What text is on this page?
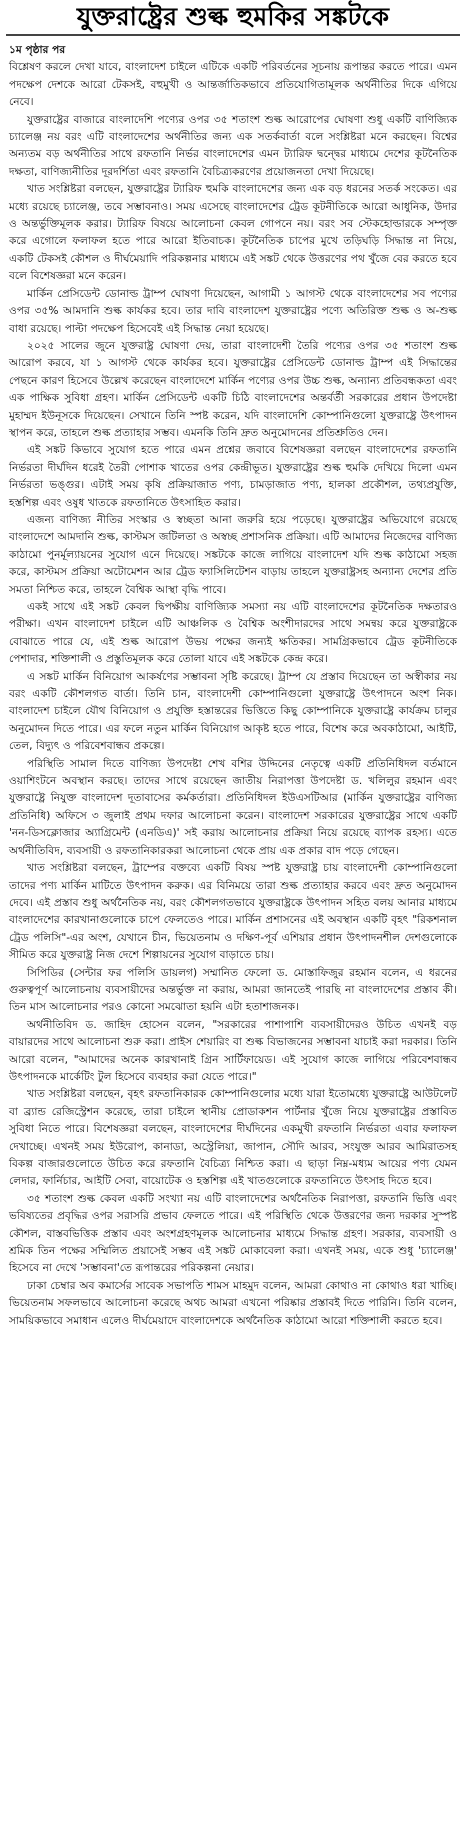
যুক্তরাষ্ট্রের শুল্ক হুমকির সঙ্কটকে

১ম পৃষ্ঠার পর

বিশ্লেষণ করলে দেখা যাবে, বাংলাদেশ চাইলে এটিকে একটি পরিবর্তনের সূচনায় রূপান্তর করতে পারে। এমন পদক্ষেপ দেশকে আরো টেকসই, বহুমুখী ও আন্তর্জাতিকভাবে প্রতিযোগিতামূলক অর্থনীতির দিকে এগিয়ে নেবে।

যুক্তরাষ্ট্রের বাজারে বাংলাদেশি পণ্যের ওপর ৩৫ শতাংশ শুল্ক আরোপের ঘোষণা শুধু একটি বাণিজ্যিক চ্যালেঞ্জ নয় বরং এটি বাংলাদেশের অর্থনীতির জন্য এক সতর্কবার্তা বলে সংশ্লিষ্টরা মনে করছেন। বিশ্বের অন্যতম বড় অর্থনীতির সাথে রফতানি নির্ভর বাংলাদেশের এমন ট্যারিফ দ্বন্দ্বের মাধ্যমে দেশের কূটনৈতিক দক্ষতা, বাণিজ্যনীতির দূরদর্শিতা এবং রফতানি বৈচিত্র্যকরণের প্রয়োজনতা দেখা দিয়েছে।

খাত সংশ্লিষ্টরা বলছেন, যুক্তরাষ্ট্রের ট্যারিফ হুমকি বাংলাদেশের জন্য এক বড় ধরনের সতর্ক সংকেত। এর মধ্যে রয়েছে চ্যালেঞ্জ, তবে সম্ভাবনাও। সময় এসেছে বাংলাদেশের ট্রেড কূটনীতিকে আরো আধুনিক, উদার ও অন্তর্ভুক্তিমূলক করার। ট্যারিফ বিষয়ে আলোচনা কেবল গোপনে নয়। বরং সব স্টেকহোল্ডারকে সম্পৃক্ত করে এগোলে ফলাফল হতে পারে আরো ইতিবাচক। কূটনৈতিক চাপের মুখে তড়িঘড়ি সিদ্ধান্ত না নিয়ে, একটি টেকসই কৌশল ও দীর্ঘমেয়াদি পরিকল্পনার মাধ্যমে এই সঙ্কট থেকে উত্তরণের পথ খুঁজে বের করতে হবে বলে বিশেষজ্ঞরা মনে করেন।

মার্কিন প্রেসিডেন্ট ডোনাল্ড ট্রাম্প ঘোষণা দিয়েছেন, আগামী ১ আগস্ট থেকে বাংলাদেশের সব পণ্যের ওপর ৩৫% আমদানি শুল্ক কার্যকর হবে। তার দাবি বাংলাদেশ যুক্তরাষ্ট্রের পণ্যে অতিরিক্ত শুল্ক ও অ-শুল্ক বাধা রয়েছে। পাল্টা পদক্ষেপ হিসেবেই এই সিদ্ধান্ত নেয়া হয়েছে।

২০২৫ সালের জুনে যুক্তরাষ্ট্র ঘোষণা দেয়, তারা বাংলাদেশী তৈরি পণ্যের ওপর ৩৫ শতাংশ শুল্ক আরোপ করবে, যা ১ আগস্ট থেকে কার্যকর হবে। যুক্তরাষ্ট্রের প্রেসিডেন্ট ডোনাল্ড ট্রাম্প এই সিদ্ধান্তের পেছনে কারণ হিসেবে উল্লেখ করেছেন বাংলাদেশে মার্কিন পণ্যের ওপর উচ্চ শুল্ক, অন্যান্য প্রতিবন্ধকতা এবং এক পাক্ষিক সুবিধা গ্রহণ। মার্কিন প্রেসিডেন্ট একটি চিঠি বাংলাদেশের অন্তর্বর্তী সরকারের প্রধান উপদেষ্টা মুহাম্মদ ইউনূসকে দিয়েছেন। সেখানে তিনি স্পষ্ট করেন, যদি বাংলাদেশি কোম্পানিগুলো যুক্তরাষ্ট্রে উৎপাদন স্থাপন করে, তাহলে শুল্ক প্রত্যাহার সম্ভব। এমনকি তিনি দ্রুত অনুমোদনের প্রতিশ্রুতিও দেন।

এই সঙ্কট কিভাবে সুযোগ হতে পারে এমন প্রশ্নের জবাবে বিশেষজ্ঞরা বলছেন বাংলাদেশের রফতানি নির্ভরতা দীর্ঘদিন ধরেই তৈরী পোশাক খাতের ওপর কেন্দ্রীভূত। যুক্তরাষ্ট্রের শুল্ক হুমকি দেখিয়ে দিলো এমন নির্ভরতা ভঙ্গুর। এটাই সময় কৃষি প্রক্রিয়াজাত পণ্য, চামড়াজাত পণ্য, হালকা প্রকৌশল, তথ্যপ্রযুক্তি, হস্তশিল্প এবং ওষুধ খাতকে রফতানিতে উৎসাহিত করার।

এজন্য বাণিজ্য নীতির সংস্কার ও স্বচ্ছতা আনা জরুরি হয়ে পড়েছে। যুক্তরাষ্ট্রের অভিযোগে রয়েছে বাংলাদেশে আমদানি শুল্ক, কাস্টমস জটিলতা ও অস্বচ্ছ প্রশাসনিক প্রক্রিয়া। এটি আমাদের নিজেদের বাণিজ্য কাঠামো পুনর্মূল্যায়নের সুযোগ এনে দিয়েছে। সঙ্কটকে কাজে লাগিয়ে বাংলাদেশ যদি শুল্ক কাঠামো সহজ করে, কাস্টমস প্রক্রিয়া অটোমেশন আর ট্রেড ফ্যাসিলিটেশন বাড়ায় তাহলে যুক্তরাষ্ট্রসহ অন্যান্য দেশের প্রতি সমতা নিশ্চিত করে, তাহলে বৈশ্বিক আস্থা বৃদ্ধি পাবে।

একই সাথে এই সঙ্কট কেবল দ্বিপক্ষীয় বাণিজ্যিক সমস্যা নয় এটি বাংলাদেশের কূটনৈতিক দক্ষতারও পরীক্ষা। এখন বাংলাদেশ চাইলে এটি আঞ্চলিক ও বৈশ্বিক অংশীদারদের সাথে সমন্বয় করে যুক্তরাষ্ট্রকে বোঝাতে পারে যে, এই শুল্ক আরোপ উভয় পক্ষের জন্যই ক্ষতিকর। সামগ্রিকভাবে ট্রেড কূটনীতিকে পেশাদার, শক্তিশালী ও প্রস্তুতিমূলক করে তোলা যাবে এই সঙ্কটকে কেন্দ্র করে।

এ সঙ্কট মার্কিন বিনিয়োগ আকর্ষণের সম্ভাবনা সৃষ্টি করেছে। ট্রাম্প যে প্রস্তাব দিয়েছেন তা অস্বীকার নয় বরং একটি কৌশলগত বার্তা। তিনি চান, বাংলাদেশী কোম্পানিগুলো যুক্তরাষ্ট্রে উৎপাদনে অংশ নিক। বাংলাদেশ চাইলে যৌথ বিনিয়োগ ও প্রযুক্তি হস্তান্তরের ভিত্তিতে কিছু কোম্পানিকে যুক্তরাষ্ট্রে কার্যক্রম চালুর অনুমোদন দিতে পারে। এর ফলে নতুন মার্কিন বিনিয়োগ আকৃষ্ট হতে পারে, বিশেষ করে অবকাঠামো, আইটি, তেল, বিদ্যুৎ ও পরিবেশবান্ধব প্রকল্পে।

পরিস্থিতি সামাল দিতে বাণিজ্য উপদেষ্টা শেখ বশির উদ্দিনের নেতৃত্বে একটি প্রতিনিধিদল বর্তমানে ওয়াশিংটনে অবস্থান করছে। তাদের সাথে রয়েছেন জাতীয় নিরাপত্তা উপদেষ্টা ড. খলিলুর রহমান এবং যুক্তরাষ্ট্রে নিযুক্ত বাংলাদেশ দূতাবাসের কর্মকর্তারা। প্রতিনিধিদল ইউএসটিআর (মার্কিন যুক্তরাষ্ট্রের বাণিজ্য প্রতিনিধি) অফিসে ৩ জুলাই প্রথম দফার আলোচনা করেন। বাংলাদেশ সরকারের যুক্তরাষ্ট্রের সাথে একটি 'নন-ডিসক্লোজার অ্যাগ্রিমেন্ট (এনডিএ)' সই করায় আলোচনার প্রক্রিয়া নিয়ে রয়েছে ব্যাপক রহস্য। এতে অর্থনীতিবিদ, ব্যবসায়ী ও রফতানিকারকরা আলোচনা থেকে প্রায় এক প্রকার বাদ পড়ে গেছেন।

খাত সংশ্লিষ্টরা বলছেন, ট্রাম্পের বক্তব্যে একটি বিষয় স্পষ্ট যুক্তরাষ্ট্র চায় বাংলাদেশী কোম্পানিগুলো তাদের পণ্য মার্কিন মাটিতে উৎপাদন করুক। এর বিনিময়ে তারা শুল্ক প্রত্যাহার করবে এবং দ্রুত অনুমোদন দেবে। এই প্রস্তাব শুধু অর্থনৈতিক নয়, বরং কৌশলগতভাবে যুক্তরাষ্ট্রকে উৎপাদন সহিত বলয় আনার মাধ্যমে বাংলাদেশের কারখানাগুলোকে চাপে ফেলতেও পারে। মার্কিন প্রশাসনের এই অবস্থান একটি বৃহৎ "রিকশনাল ট্রেড পলিসি"-এর অংশ, যেখানে চীন, ভিয়েতনাম ও দক্ষিণ-পূর্ব এশিয়ার প্রধান উৎপাদনশীল দেশগুলোকে সীমিত করে যুক্তরাষ্ট্র নিজ দেশে শিল্পায়নের সুযোগ বাড়াতে চায়।

সিপিডির (সেন্টার ফর পলিসি ডায়লগ) সম্মানিত ফেলো ড. মোস্তাফিজুর রহমান বলেন, এ ধরনের গুরুত্বপূর্ণ আলোচনায় ব্যবসায়ীদের অন্তর্ভুক্ত না করায়, আমরা জানতেই পারছি না বাংলাদেশের প্রস্তাব কী। তিন মাস আলোচনার পরও কোনো সমঝোতা হয়নি এটা হতাশাজনক।

অর্থনীতিবিদ ড. জাহিদ হোসেন বলেন, "সরকারের পাশাপাশি ব্যবসায়ীদেরও উচিত এখনই বড় বায়ারদের সাথে আলোচনা শুরু করা। প্রাইস শেয়ারিং বা শুল্ক বিভাজনের সম্ভাবনা যাচাই করা দরকার। তিনি আরো বলেন, "আমাদের অনেক কারখানাই গ্রিন সার্টিফায়েড। এই সুযোগ কাজে লাগিয়ে পরিবেশবান্ধব উৎপাদনকে মার্কেটিং টুল হিসেবে ব্যবহার করা যেতে পারে।"

খাত সংশ্লিষ্টরা বলছেন, বৃহৎ রফতানিকারক কোম্পানিগুলোর মধ্যে যারা ইতোমধ্যে যুক্তরাষ্ট্রে আউটলেট বা ব্র্যান্ড রেজিস্ট্রেশন করেছে, তারা চাইলে স্থানীয় প্রোডাকশন পার্টনার খুঁজে নিয়ে যুক্তরাষ্ট্রের প্রস্তাবিত সুবিধা নিতে পারে। বিশেষজ্ঞরা বলছেন, বাংলাদেশের দীর্ঘদিনের একমুখী রফতানি নির্ভরতা এবার ফলাফল দেখাচ্ছে। এখনই সময় ইউরোপ, কানাডা, অস্ট্রেলিয়া, জাপান, সৌদি আরব, সংযুক্ত আরব আমিরাতসহ বিকল্প বাজারগুলোতে উচিত করে রফতানি বৈচিত্র্য নিশ্চিত করা। এ ছাড়া নিম্ন-মধ্যম আয়ের পণ্য যেমন লেদার, ফার্নিচার, আইটি সেবা, বায়োটেক ও হস্তশিল্প এই খাতগুলোকে রফতানিতে উৎসাহ দিতে হবে।

৩৫ শতাংশ শুল্ক কেবল একটি সংখ্যা নয় এটি বাংলাদেশের অর্থনৈতিক নিরাপত্তা, রফতানি ভিত্তি এবং ভবিষ্যতের প্রবৃদ্ধির ওপর সরাসরি প্রভাব ফেলতে পারে। এই পরিস্থিতি থেকে উত্তরণের জন্য দরকার সুস্পষ্ট কৌশল, বাস্তবভিত্তিক প্রস্তাব এবং অংশগ্রহণমূলক আলোচনার মাধ্যমে সিদ্ধান্ত গ্রহণ। সরকার, ব্যবসায়ী ও শ্রমিক তিন পক্ষের সম্মিলিত প্রয়াসেই সম্ভব এই সঙ্কট মোকাবেলা করা। এখনই সময়, একে শুধু 'চ্যালেঞ্জ' হিসেবে না দেখে 'সম্ভাবনা'তে রূপান্তরের পরিকল্পনা নেয়ার।

ঢাকা চেম্বার অব কমার্সের সাবেক সভাপতি শামস মাহমুদ বলেন, আমরা কোথাও না কোথাও ধরা খাচ্ছি। ভিয়েতনাম সফলভাবে আলোচনা করেছে অথচ আমরা এখনো পরিষ্কার প্রস্তাবই দিতে পারিনি। তিনি বলেন, সাময়িকভাবে সমাধান এলেও দীর্ঘমেয়াদে বাংলাদেশকে অর্থনৈতিক কাঠামো আরো শক্তিশালী করতে হবে।
